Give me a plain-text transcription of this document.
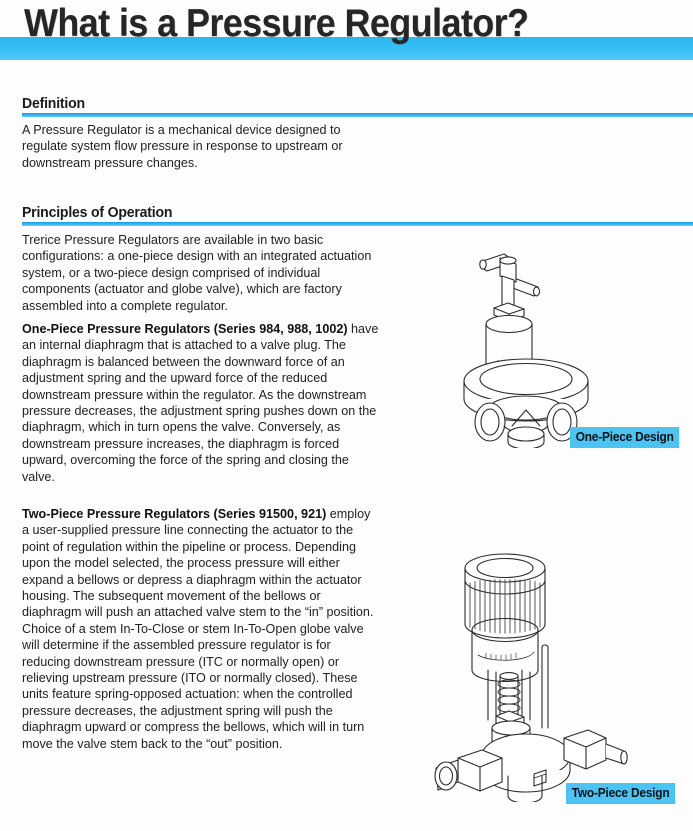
What is a Pressure Regulator?
Definition
A Pressure Regulator is a mechanical device designed to regulate system flow pressure in response to upstream or downstream pressure changes.
Principles of Operation
Trerice Pressure Regulators are available in two basic configurations: a one-piece design with an integrated actuation system, or a two-piece design comprised of individual components (actuator and globe valve), which are factory assembled into a complete regulator.
One-Piece Pressure Regulators (Series 984, 988, 1002) have an internal diaphragm that is attached to a valve plug. The diaphragm is balanced between the downward force of an adjustment spring and the upward force of the reduced downstream pressure within the regulator. As the downstream pressure decreases, the adjustment spring pushes down on the diaphragm, which in turn opens the valve. Conversely, as downstream pressure increases, the diaphragm is forced upward, overcoming the force of the spring and closing the valve.
Two-Piece Pressure Regulators (Series 91500, 921) employ a user-supplied pressure line connecting the actuator to the point of regulation within the pipeline or process. Depending upon the model selected, the process pressure will either expand a bellows or depress a diaphragm within the actuator housing. The subsequent movement of the bellows or diaphragm will push an attached valve stem to the “in” position. Choice of a stem In-To-Close or stem In-To-Open globe valve will determine if the assembled pressure regulator is for reducing downstream pressure (ITC or normally open) or relieving upstream pressure (ITO or normally closed). These units feature spring-opposed actuation: when the controlled pressure decreases, the adjustment spring will push the diaphragm upward or compress the bellows, which will in turn move the valve stem back to the “out” position.
One-Piece Design
Two-Piece Design
